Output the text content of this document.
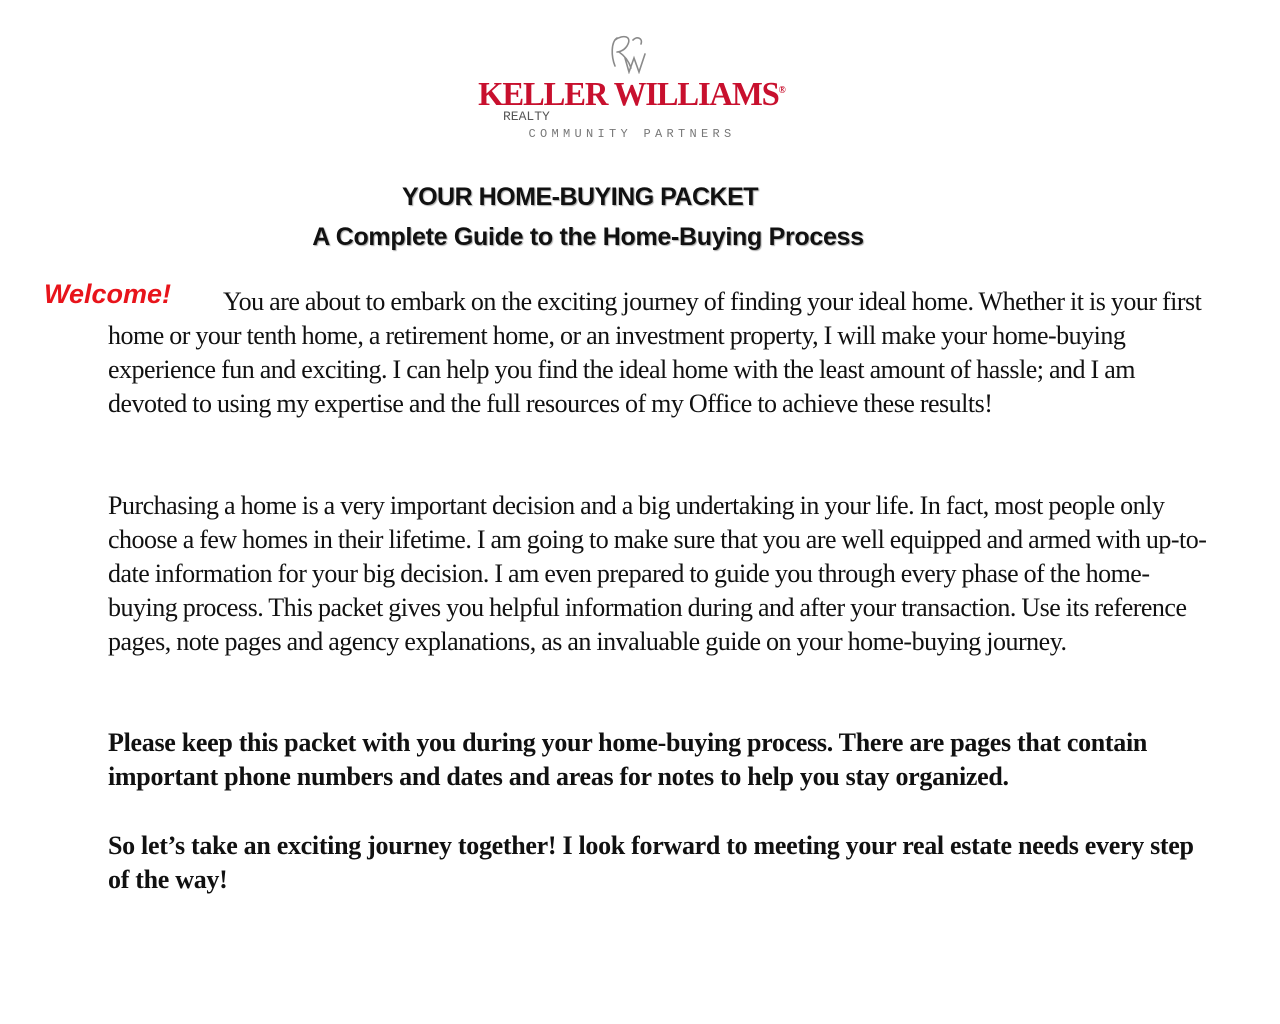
KELLER WILLIAMS®
REALTY
COMMUNITY PARTNERS
YOUR HOME-BUYING PACKET
A Complete Guide to the Home-Buying Process
Welcome!	You are about to embark on the exciting journey of finding your ideal home. Whether it is your first home or your tenth home, a retirement home, or an investment property, I will make your home-buying experience fun and exciting. I can help you find the ideal home with the least amount of hassle; and I am devoted to using my expertise and the full resources of my Office to achieve these results!

Purchasing a home is a very important decision and a big undertaking in your life. In fact, most people only choose a few homes in their lifetime. I am going to make sure that you are well equipped and armed with up-to-date information for your big decision. I am even prepared to guide you through every phase of the home-buying process. This packet gives you helpful information during and after your transaction. Use its reference pages, note pages and agency explanations, as an invaluable guide on your home-buying journey.

Please keep this packet with you during your home-buying process. There are pages that contain important phone numbers and dates and areas for notes to help you stay organized.

So let’s take an exciting journey together! I look forward to meeting your real estate needs every step of the way!
